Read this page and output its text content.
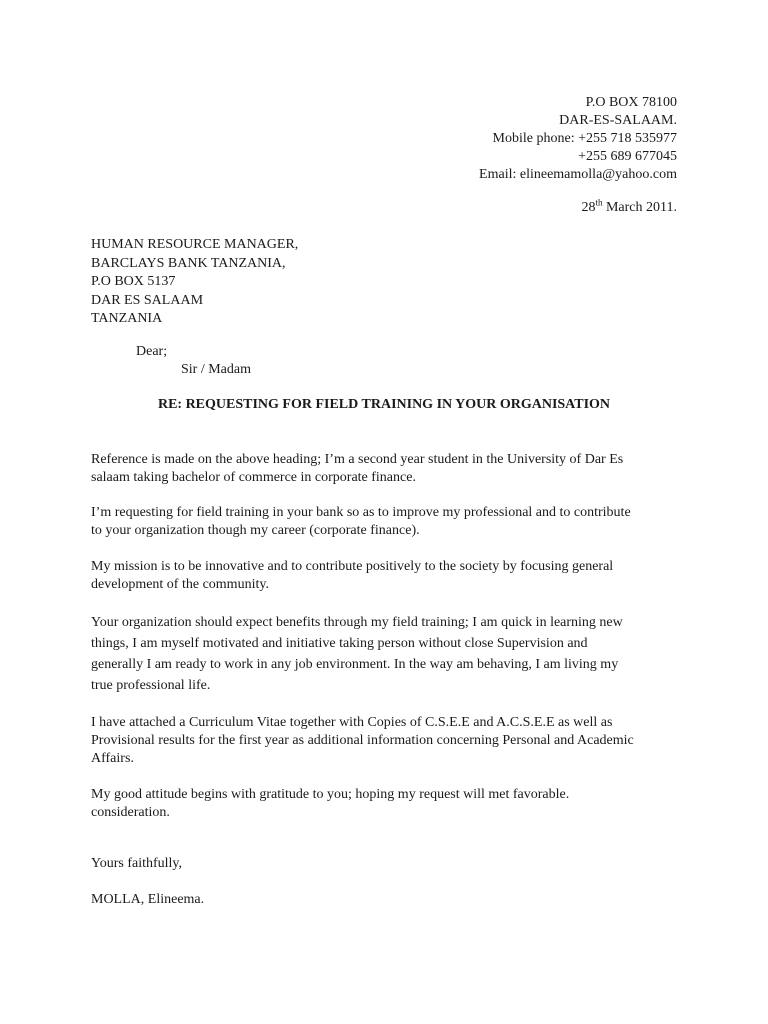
P.O BOX 78100
DAR-ES-SALAAM.
Mobile phone: +255 718 535977
+255 689 677045
Email: elineemamolla@yahoo.com
28th March 2011.
HUMAN RESOURCE MANAGER,
BARCLAYS BANK TANZANIA,
P.O BOX 5137
DAR ES SALAAM
TANZANIA
Dear;
Sir / Madam
RE: REQUESTING FOR FIELD TRAINING IN YOUR ORGANISATION
Reference is made on the above heading; I’m a second year student in the University of Dar Es
salaam taking bachelor of commerce in corporate finance.
I’m requesting for field training in your bank so as to improve my professional and to contribute
to your organization though my career (corporate finance).
My mission is to be innovative and to contribute positively to the society by focusing general
development of the community.
Your organization should expect benefits through my field training; I am quick in learning new
things, I am myself motivated and initiative taking person without close Supervision and
generally I am ready to work in any job environment. In the way am behaving, I am living my
true professional life.
I have attached a Curriculum Vitae together with Copies of C.S.E.E and A.C.S.E.E as well as
Provisional results for the first year as additional information concerning Personal and Academic
Affairs.
My good attitude begins with gratitude to you; hoping my request will met favorable.
consideration.
Yours faithfully,
MOLLA, Elineema.
